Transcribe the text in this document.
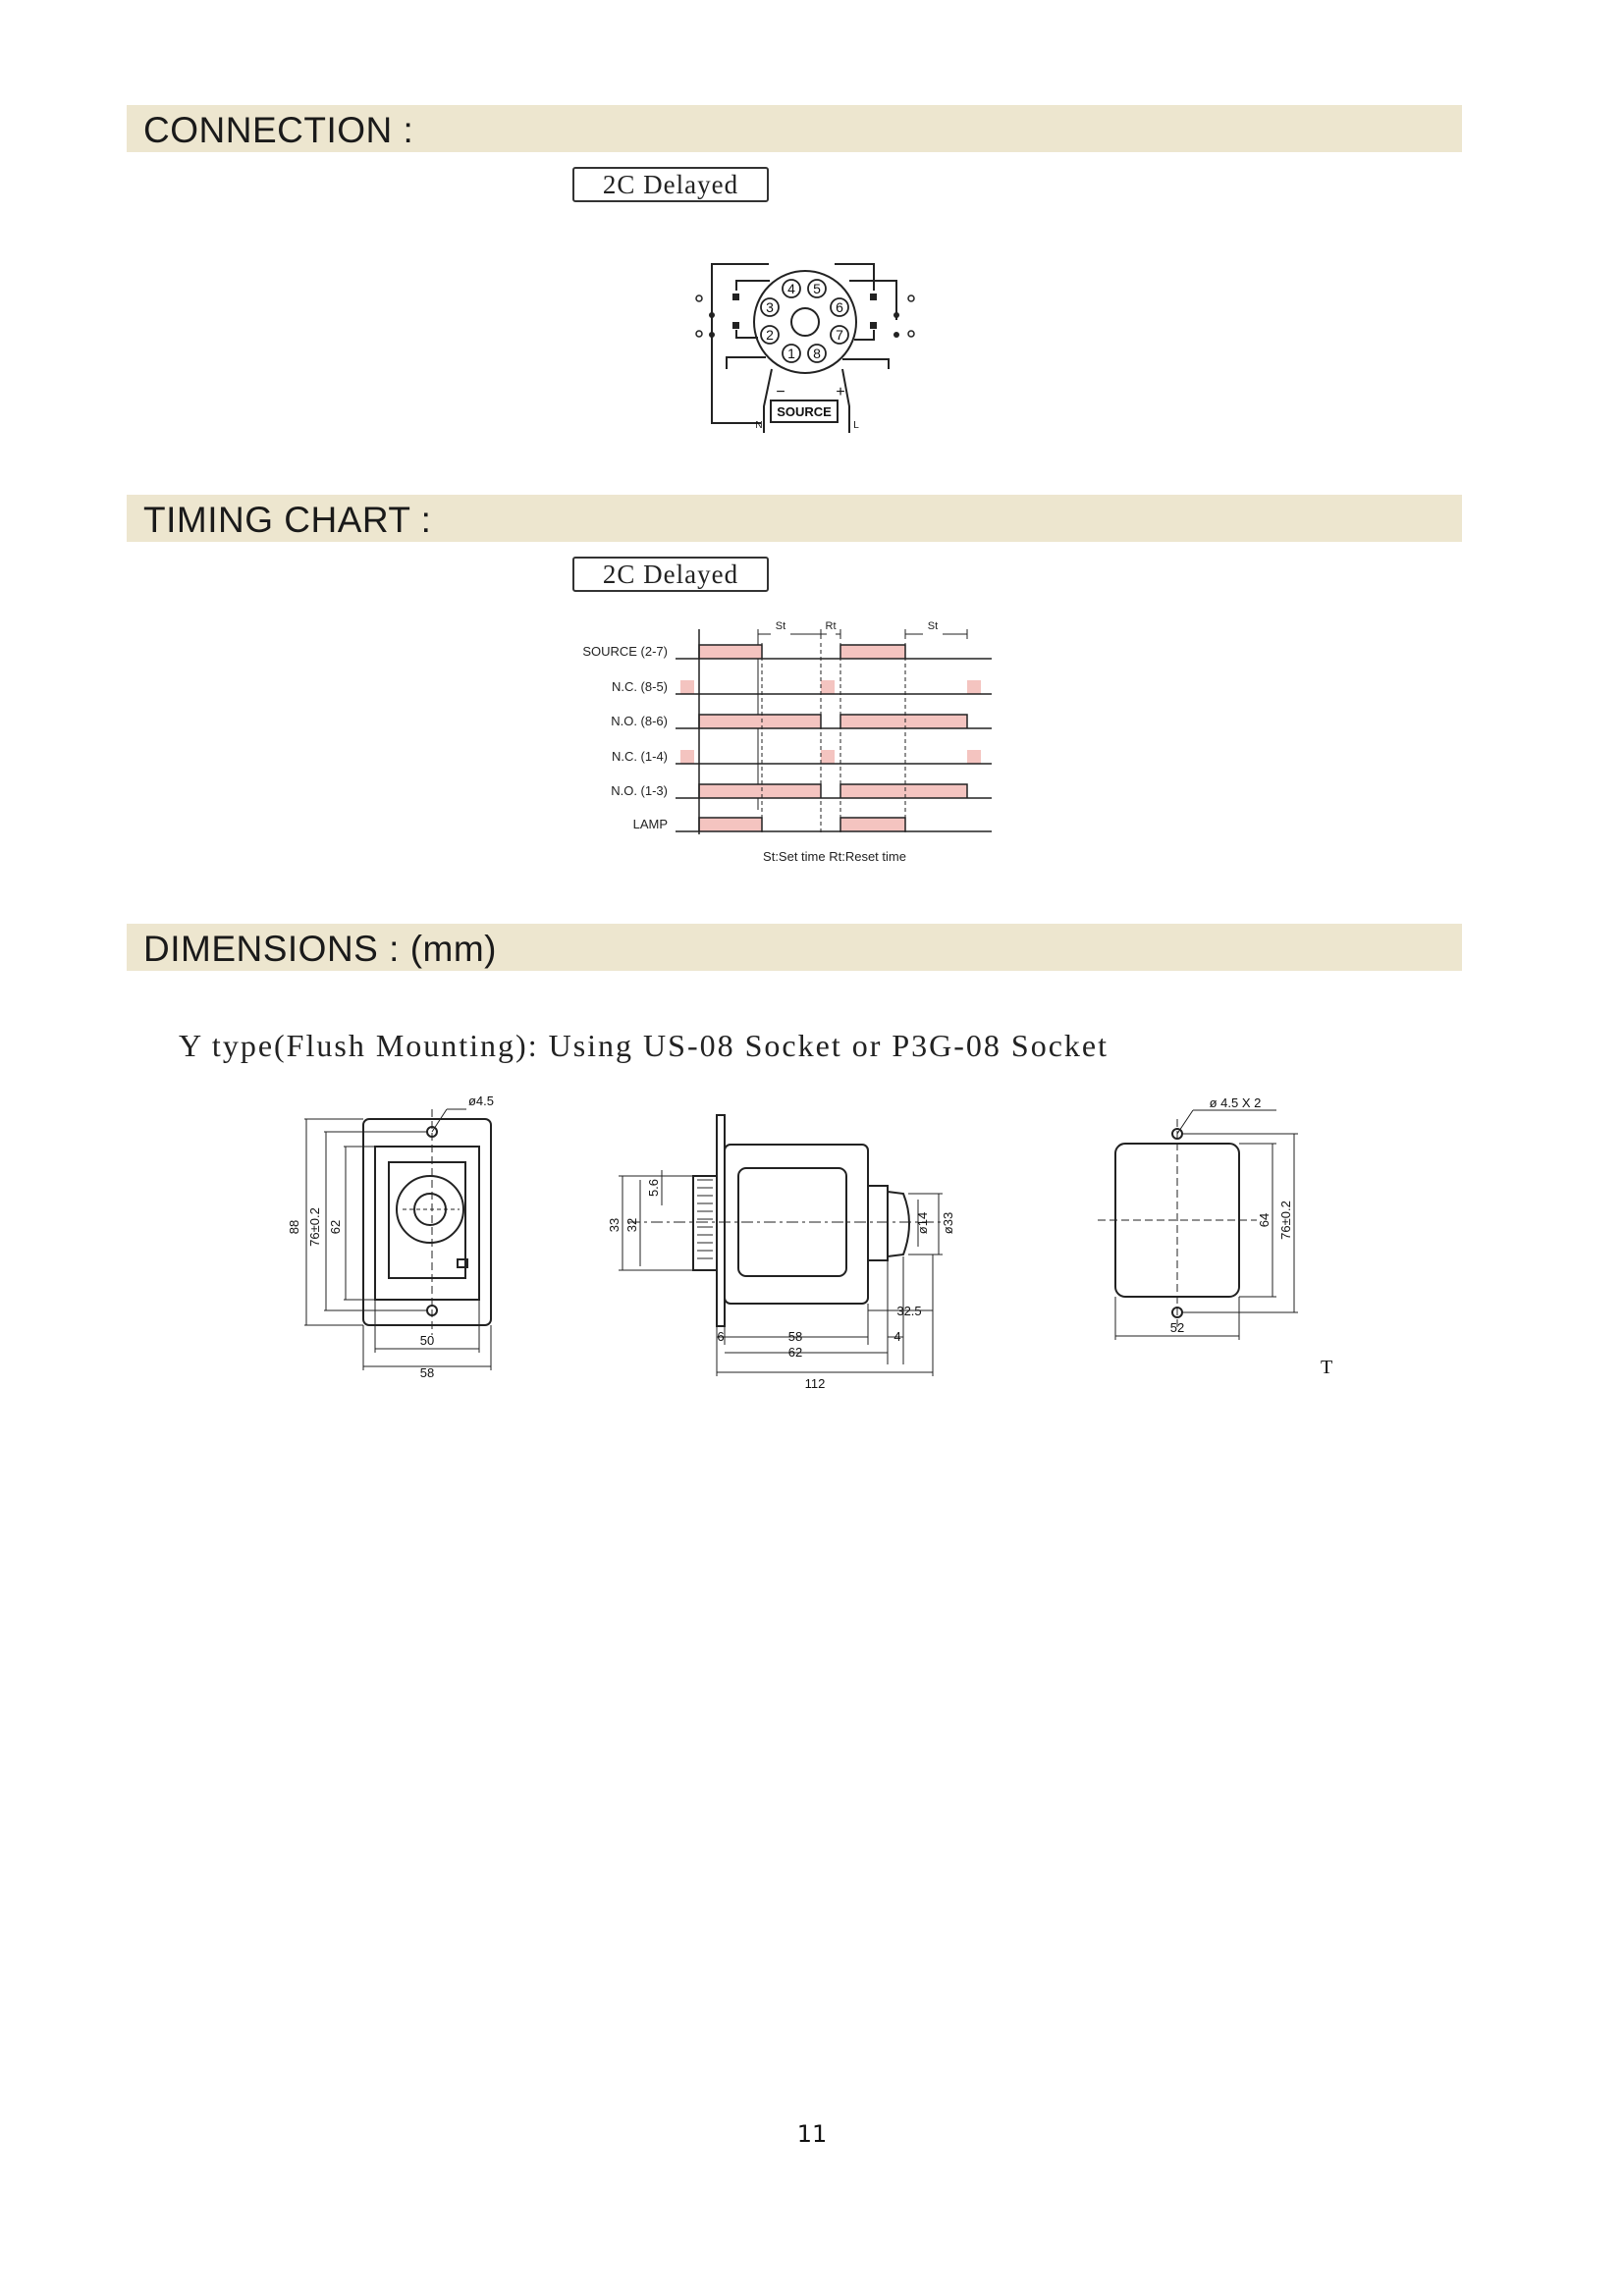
CONNECTION :
2C Delayed
4 5
3	6
2	7
1 8
SOURCE
−	+
N	L
TIMING CHART :
2C Delayed
St	Rt	St
SOURCE (2-7)
N.C. (8-5)
N.O. (8-6)
N.C. (1-4)
N.O. (1-3)
LAMP
St:Set time Rt:Reset time
DIMENSIONS : (mm)
Y type(Flush Mounting): Using US-08 Socket or P3G-08 Socket
ø4.5
88 76±0.2 62
50
58
33 32
5.6
ø14 ø33
6	58
62
32.5
4
112
ø 4.5 X 2
64 76±0.2
52
T
11
